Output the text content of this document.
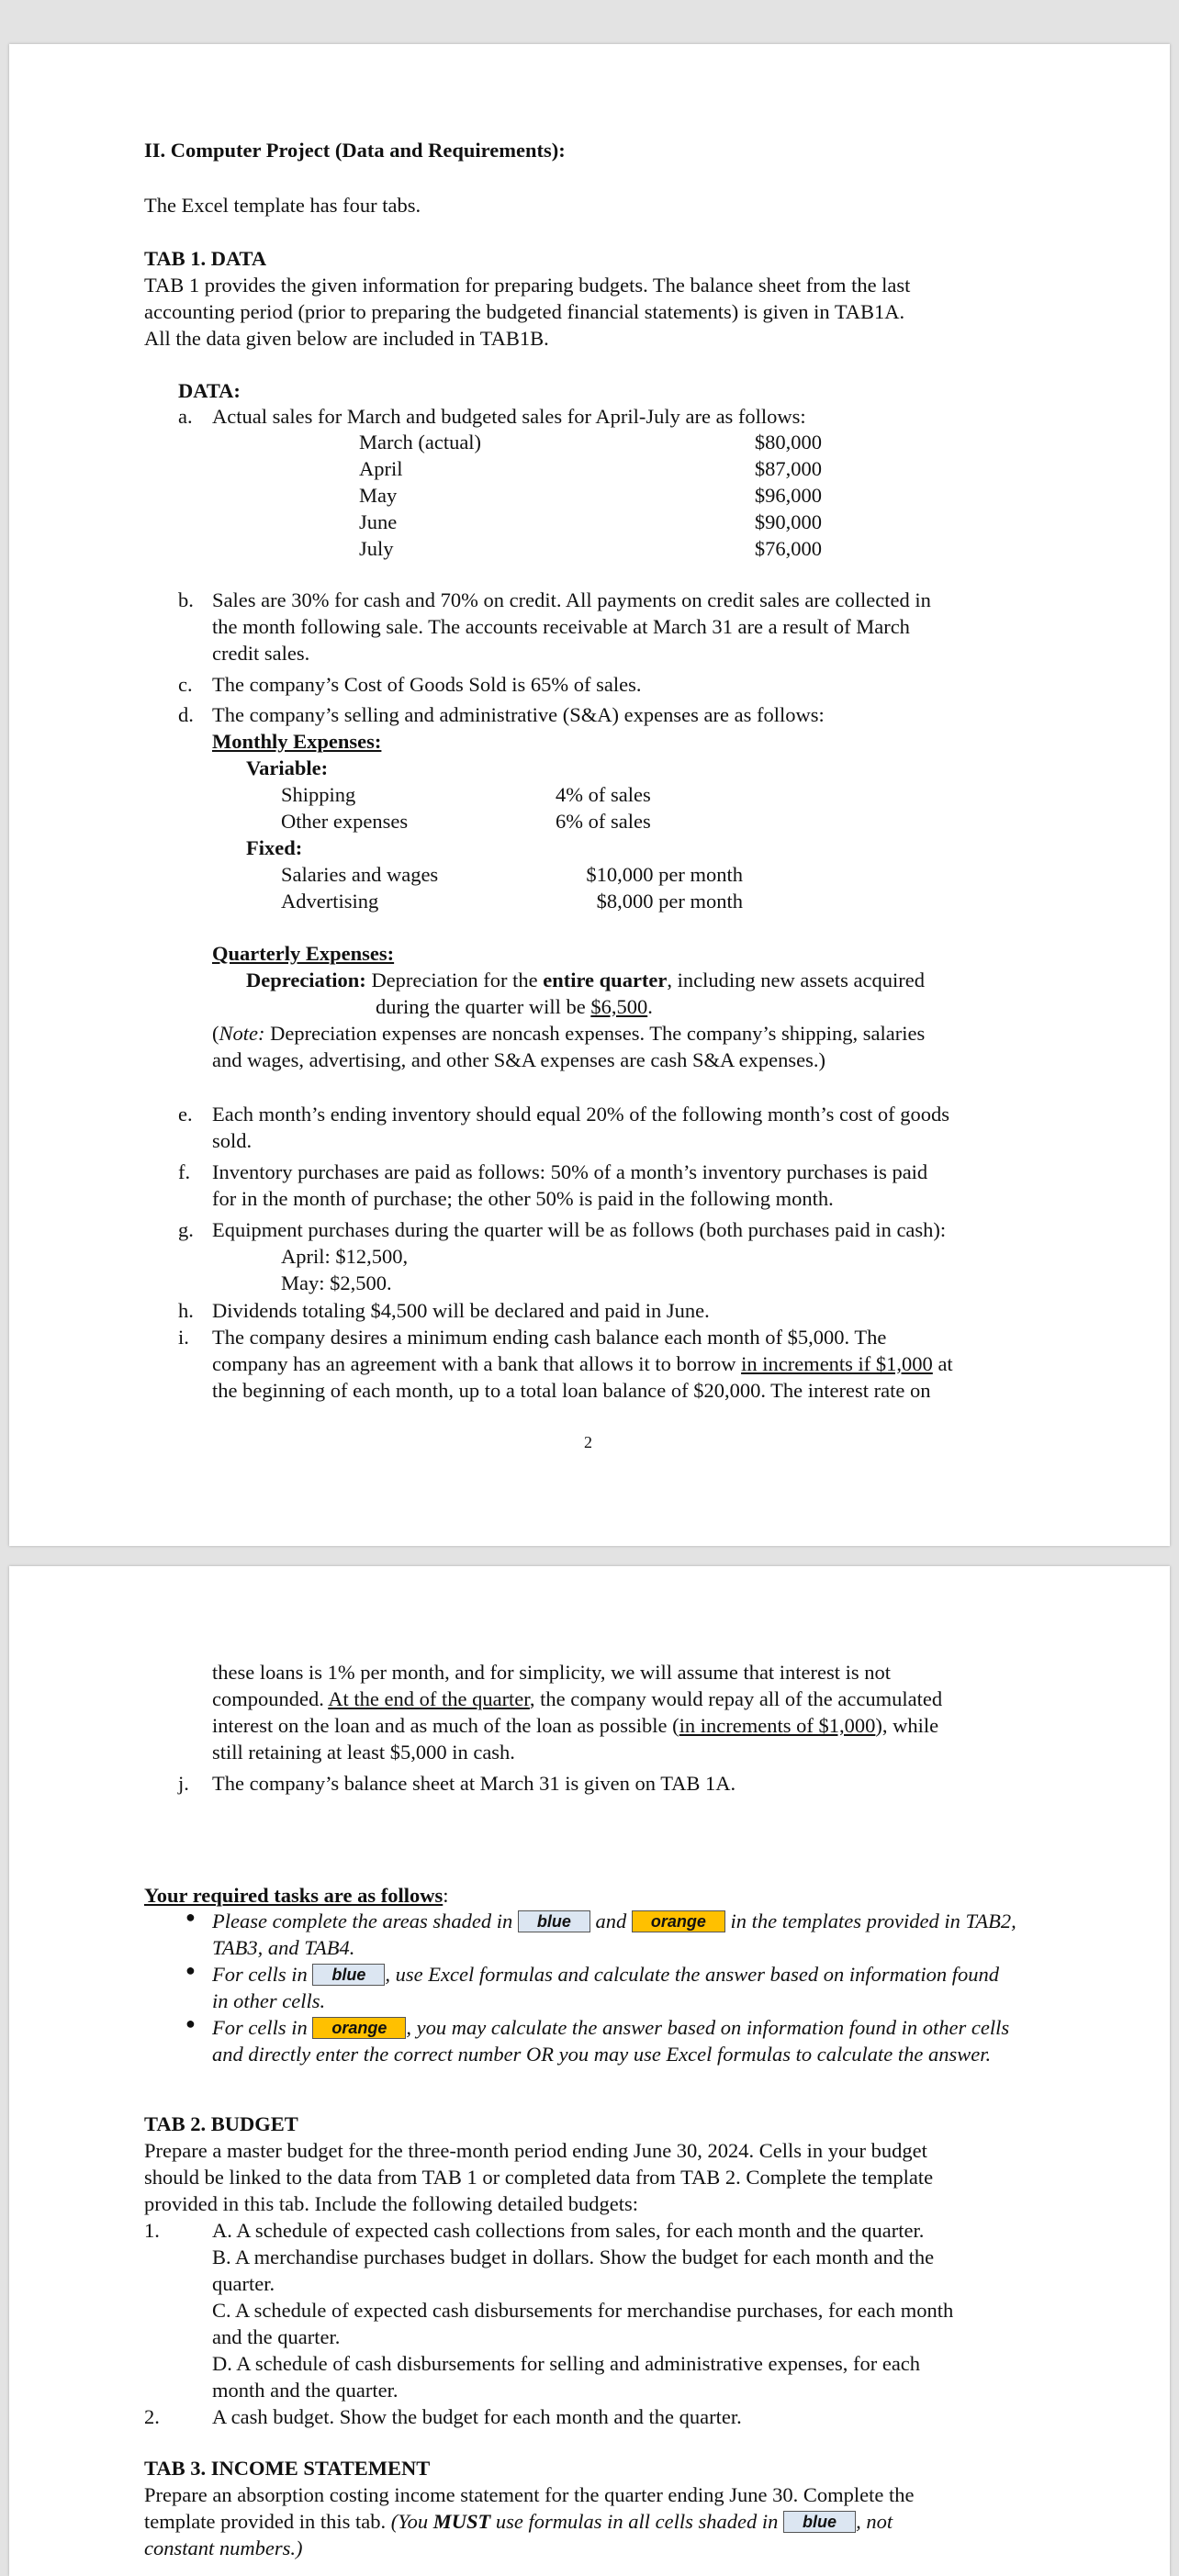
II. Computer Project (Data and Requirements):
The Excel template has four tabs.
TAB 1. DATA
TAB 1 provides the given information for preparing budgets. The balance sheet from the last
accounting period (prior to preparing the budgeted financial statements) is given in TAB1A.
All the data given below are included in TAB1B.
DATA:
a. Actual sales for March and budgeted sales for April-July are as follows:
March (actual)	$80,000
April	$87,000
May	$96,000
June	$90,000
July	$76,000
b. Sales are 30% for cash and 70% on credit. All payments on credit sales are collected in
the month following sale. The accounts receivable at March 31 are a result of March
credit sales.
c. The company’s Cost of Goods Sold is 65% of sales.
d. The company’s selling and administrative (S&A) expenses are as follows:
Monthly Expenses:
Variable:
Shipping	4% of sales
Other expenses	6% of sales
Fixed:
Salaries and wages	$10,000 per month
Advertising	$8,000 per month
Quarterly Expenses:
Depreciation: Depreciation for the entire quarter, including new assets acquired
during the quarter will be $6,500.
(Note: Depreciation expenses are noncash expenses. The company’s shipping, salaries
and wages, advertising, and other S&A expenses are cash S&A expenses.)
e. Each month’s ending inventory should equal 20% of the following month’s cost of goods
sold.
f. Inventory purchases are paid as follows: 50% of a month’s inventory purchases is paid
for in the month of purchase; the other 50% is paid in the following month.
g. Equipment purchases during the quarter will be as follows (both purchases paid in cash):
April: $12,500,
May: $2,500.
h. Dividends totaling $4,500 will be declared and paid in June.
i. The company desires a minimum ending cash balance each month of $5,000. The
company has an agreement with a bank that allows it to borrow in increments if $1,000 at
the beginning of each month, up to a total loan balance of $20,000. The interest rate on
2
these loans is 1% per month, and for simplicity, we will assume that interest is not
compounded. At the end of the quarter, the company would repay all of the accumulated
interest on the loan and as much of the loan as possible (in increments of $1,000), while
still retaining at least $5,000 in cash.
j. The company’s balance sheet at March 31 is given on TAB 1A.
Your required tasks are as follows:
● Please complete the areas shaded in blue and orange in the templates provided in TAB2,
TAB3, and TAB4.
● For cells in blue , use Excel formulas and calculate the answer based on information found
in other cells.
● For cells in orange , you may calculate the answer based on information found in other cells
and directly enter the correct number OR you may use Excel formulas to calculate the answer.
TAB 2. BUDGET
Prepare a master budget for the three-month period ending June 30, 2024. Cells in your budget
should be linked to the data from TAB 1 or completed data from TAB 2. Complete the template
provided in this tab. Include the following detailed budgets:
1.	A. A schedule of expected cash collections from sales, for each month and the quarter.
B. A merchandise purchases budget in dollars. Show the budget for each month and the
quarter.
C. A schedule of expected cash disbursements for merchandise purchases, for each month
and the quarter.
D. A schedule of cash disbursements for selling and administrative expenses, for each
month and the quarter.
2.	A cash budget. Show the budget for each month and the quarter.
TAB 3. INCOME STATEMENT
Prepare an absorption costing income statement for the quarter ending June 30. Complete the
template provided in this tab. (You MUST use formulas in all cells shaded in blue , not
constant numbers.)
